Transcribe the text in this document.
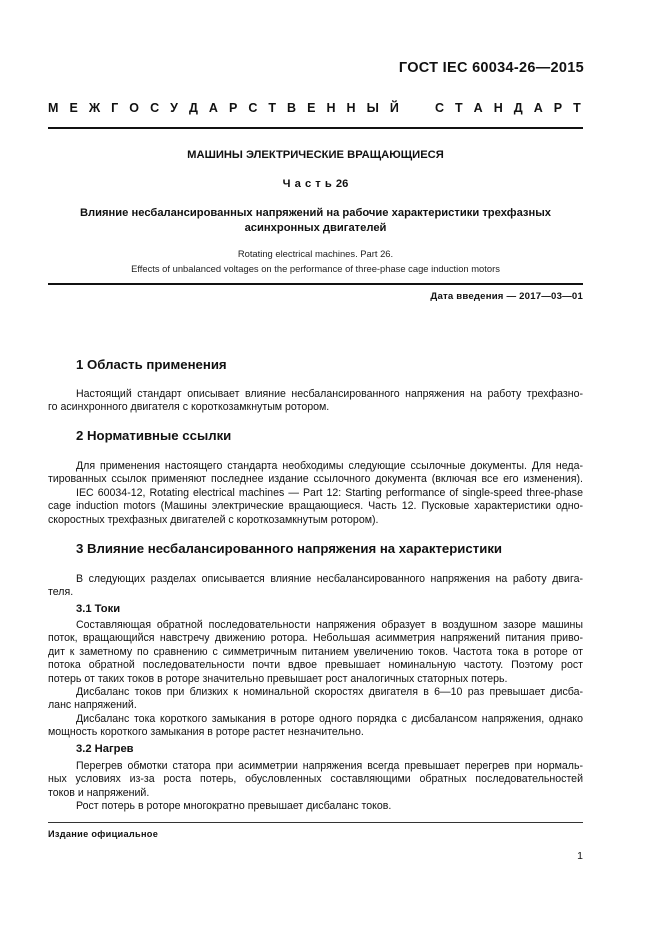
ГОСТ IEC 60034-26—2015
М Е Ж Г О С У Д А Р С Т В Е Н Н Ы Й
	С Т А Н Д А Р Т
МАШИНЫ ЭЛЕКТРИЧЕСКИЕ ВРАЩАЮЩИЕСЯ
Ч а с т ь 26
Влияние несбалансированных напряжений на рабочие характеристики трехфазных
асинхронных двигателей
Rotating electrical machines. Part 26.
Effects of unbalanced voltages on the performance of three-phase cage induction motors
Дата введения — 2017—03—01
1 Область применения
Настоящий стандарт описывает влияние несбалансированного напряжения на работу трехфазно-
го асинхронного двигателя с короткозамкнутым ротором.
2 Нормативные ссылки
Для применения настоящего стандарта необходимы следующие ссылочные документы. Для неда-
тированных ссылок применяют последнее издание ссылочного документа (включая все его изменения).
IEC 60034-12, Rotating electrical machines — Part 12: Starting performance of single-speed three-phase
cage induction motors (Машины электрические вращающиеся. Часть 12. Пусковые характеристики одно-
скоростных трехфазных двигателей с короткозамкнутым ротором).
3 Влияние несбалансированного напряжения на характеристики
В следующих разделах описывается влияние несбалансированного напряжения на работу двига-
теля.
3.1 Токи
Составляющая обратной последовательности напряжения образует в воздушном зазоре машины
поток, вращающийся навстречу движению ротора. Небольшая асимметрия напряжений питания приво-
дит к заметному по сравнению с симметричным питанием увеличению токов. Частота тока в роторе от
потока обратной последовательности почти вдвое превышает номинальную частоту. Поэтому рост
потерь от таких токов в роторе значительно превышает рост аналогичных статорных потерь.
Дисбаланс токов при близких к номинальной скоростях двигателя в 6—10 раз превышает дисба-
ланс напряжений.
Дисбаланс тока короткого замыкания в роторе одного порядка с дисбалансом напряжения, однако
мощность короткого замыкания в роторе растет незначительно.
3.2 Нагрев
Перегрев обмотки статора при асимметрии напряжения всегда превышает перегрев при нормаль-
ных условиях из-за роста потерь, обусловленных составляющими обратных последовательностей
токов и напряжений.
Рост потерь в роторе многократно превышает дисбаланс токов.
Издание официальное
1
